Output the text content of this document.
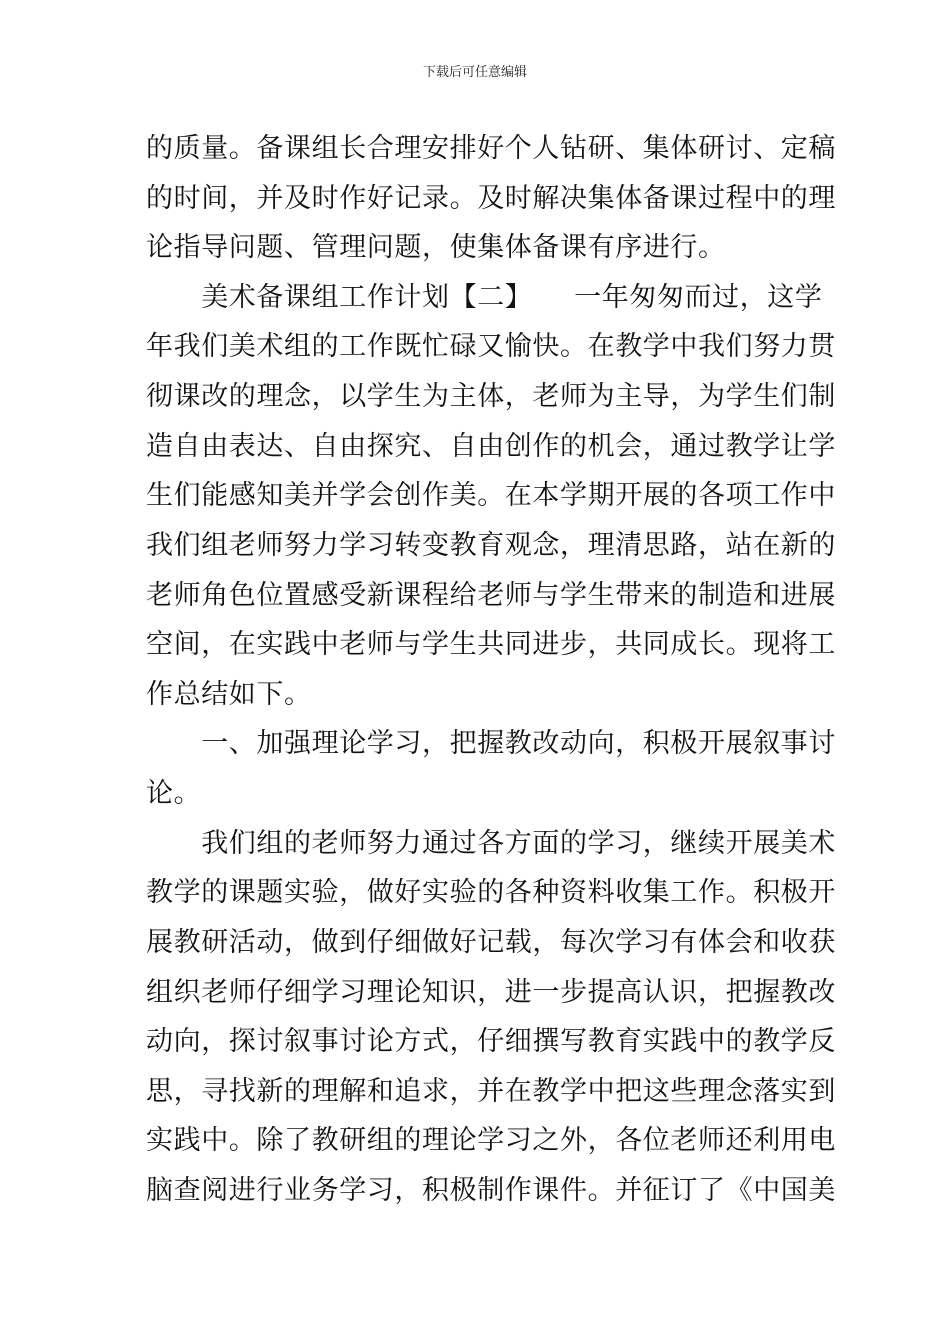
下载后可任意编辑
的质量。备课组长合理安排好个人钻研、集体研讨、定稿
的时间，并及时作好记录。及时解决集体备课过程中的理
论指导问题、管理问题，使集体备课有序进行。
　　美术备课组工作计划【二】　　一年匆匆而过，这学
年我们美术组的工作既忙碌又愉快。在教学中我们努力贯
彻课改的理念，以学生为主体，老师为主导，为学生们制
造自由表达、自由探究、自由创作的机会，通过教学让学
生们能感知美并学会创作美。在本学期开展的各项工作中
我们组老师努力学习转变教育观念，理清思路，站在新的
老师角色位置感受新课程给老师与学生带来的制造和进展
空间，在实践中老师与学生共同进步，共同成长。现将工
作总结如下。
　　一、加强理论学习，把握教改动向，积极开展叙事讨
论。
　　我们组的老师努力通过各方面的学习，继续开展美术
教学的课题实验，做好实验的各种资料收集工作。积极开
展教研活动，做到仔细做好记载，每次学习有体会和收获
组织老师仔细学习理论知识，进一步提高认识，把握教改
动向，探讨叙事讨论方式，仔细撰写教育实践中的教学反
思，寻找新的理解和追求，并在教学中把这些理念落实到
实践中。除了教研组的理论学习之外，各位老师还利用电
脑查阅进行业务学习，积极制作课件。并征订了《中国美
